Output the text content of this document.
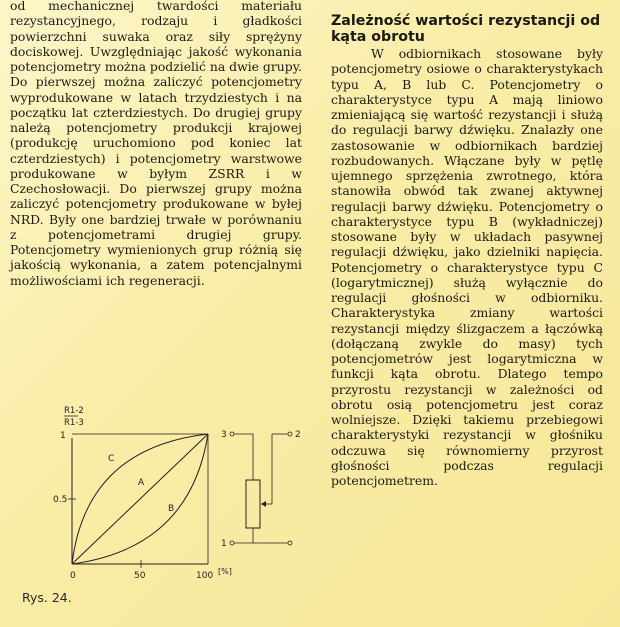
od mechanicznej twardości materiału rezystancyjnego, rodzaju i gładkości powierzchni suwaka oraz siły sprężyny dociskowej. Uwzględniając jakość wykonania potencjometry można podzielić na dwie grupy. Do pierwszej można zaliczyć potencjometry wyprodukowane w latach trzydziestych i na początku lat czterdziestych. Do drugiej grupy należą potencjometry produkcji krajowej (produkcję uruchomiono pod koniec lat czterdziestych) i potencjometry warstwowe produkowane w byłym ZSRR i w Czechosłowacji. Do pierwszej grupy można zaliczyć potencjometry produkowane w byłej NRD. Były one bardziej trwałe w porównaniu z potencjometrami drugiej grupy. Potencjometry wymienionych grup różnią się jakością wykonania, a zatem potencjalnymi możliwościami ich regeneracji.

Zależność wartości rezystancji od kąta obrotu

W odbiornikach stosowane były potencjometry osiowe o charakterystykach typu A, B lub C. Potencjometry o charakterystyce typu A mają liniowo zmieniającą się wartość rezystancji i służą do regulacji barwy dźwięku. Znalazły one zastosowanie w odbiornikach bardziej rozbudowanych. Włączane były w pętlę ujemnego sprzężenia zwrotnego, która stanowiła obwód tak zwanej aktywnej regulacji barwy dźwięku. Potencjometry o charakterystyce typu B (wykładniczej) stosowane były w układach pasywnej regulacji dźwięku, jako dzielniki napięcia. Potencjometry o charakterystyce typu C (logarytmicznej) służą wyłącznie do regulacji głośności w odbiorniku. Charakterystyka zmiany wartości rezystancji między ślizgaczem a łączówką (dołączaną zwykle do masy) tych potencjometrów jest logarytmiczna w funkcji kąta obrotu. Dlatego tempo przyrostu rezystancji w zależności od obrotu osią potencjometru jest coraz wolniejsze. Dzięki takiemu przebiegowi charakterystyki rezystancji w głośniku odczuwa się równomierny przyrost głośności podczas regulacji potencjometrem.

R1-2
R1-3
1
0.5
0	50	100 [%]
C
A
B
3
1
2
Rys. 24.
